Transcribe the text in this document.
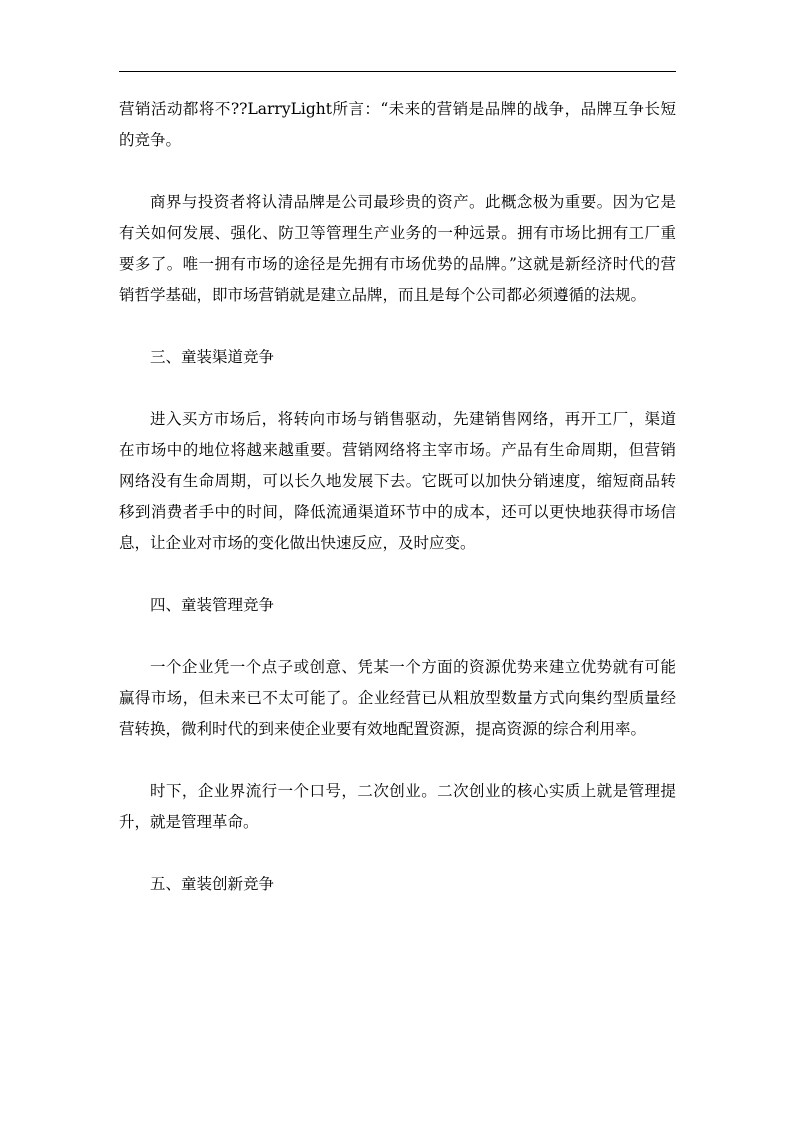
营销活动都将不??LarryLight所言：“未来的营销是品牌的战争，品牌互争长短的竞争。

商界与投资者将认清品牌是公司最珍贵的资产。此概念极为重要。因为它是有关如何发展、强化、防卫等管理生产业务的一种远景。拥有市场比拥有工厂重要多了。唯一拥有市场的途径是先拥有市场优势的品牌。”这就是新经济时代的营销哲学基础，即市场营销就是建立品牌，而且是每个公司都必须遵循的法规。

三、童装渠道竞争

进入买方市场后，将转向市场与销售驱动，先建销售网络，再开工厂，渠道在市场中的地位将越来越重要。营销网络将主宰市场。产品有生命周期，但营销网络没有生命周期，可以长久地发展下去。它既可以加快分销速度，缩短商品转移到消费者手中的时间，降低流通渠道环节中的成本，还可以更快地获得市场信息，让企业对市场的变化做出快速反应，及时应变。

四、童装管理竞争

一个企业凭一个点子或创意、凭某一个方面的资源优势来建立优势就有可能赢得市场，但未来已不太可能了。企业经营已从粗放型数量方式向集约型质量经营转换，微利时代的到来使企业要有效地配置资源，提高资源的综合利用率。

时下，企业界流行一个口号，二次创业。二次创业的核心实质上就是管理提升，就是管理革命。

五、童装创新竞争
